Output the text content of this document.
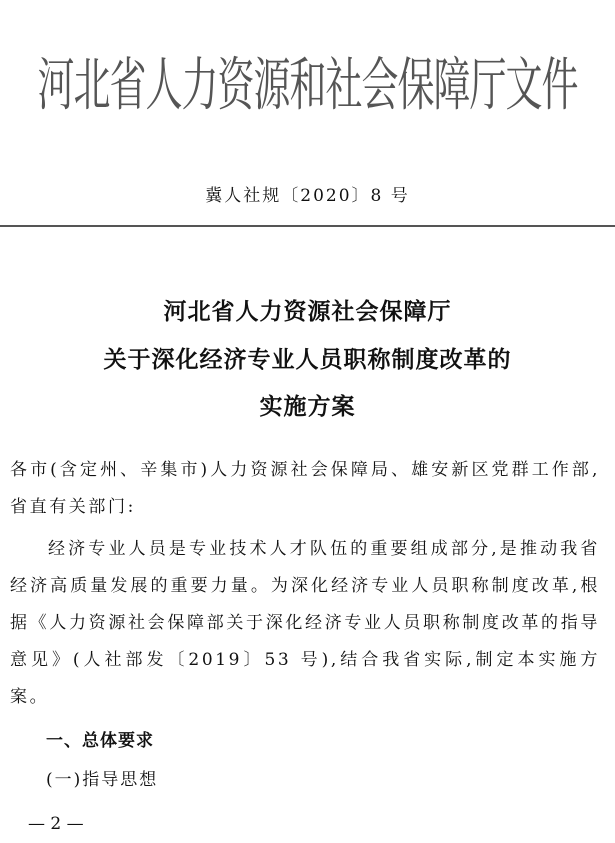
河北省人力资源和社会保障厅文件
冀人社规〔2020〕8 号
河北省人力资源社会保障厅
关于深化经济专业人员职称制度改革的
实施方案
各市(含定州、辛集市)人力资源社会保障局、雄安新区党群工作部,省直有关部门:
经济专业人员是专业技术人才队伍的重要组成部分,是推动我省经济高质量发展的重要力量。为深化经济专业人员职称制度改革,根据《人力资源社会保障部关于深化经济专业人员职称制度改革的指导意见》(人社部发〔2019〕53 号),结合我省实际,制定本实施方案。
一、总体要求
(一)指导思想
— 2 —
